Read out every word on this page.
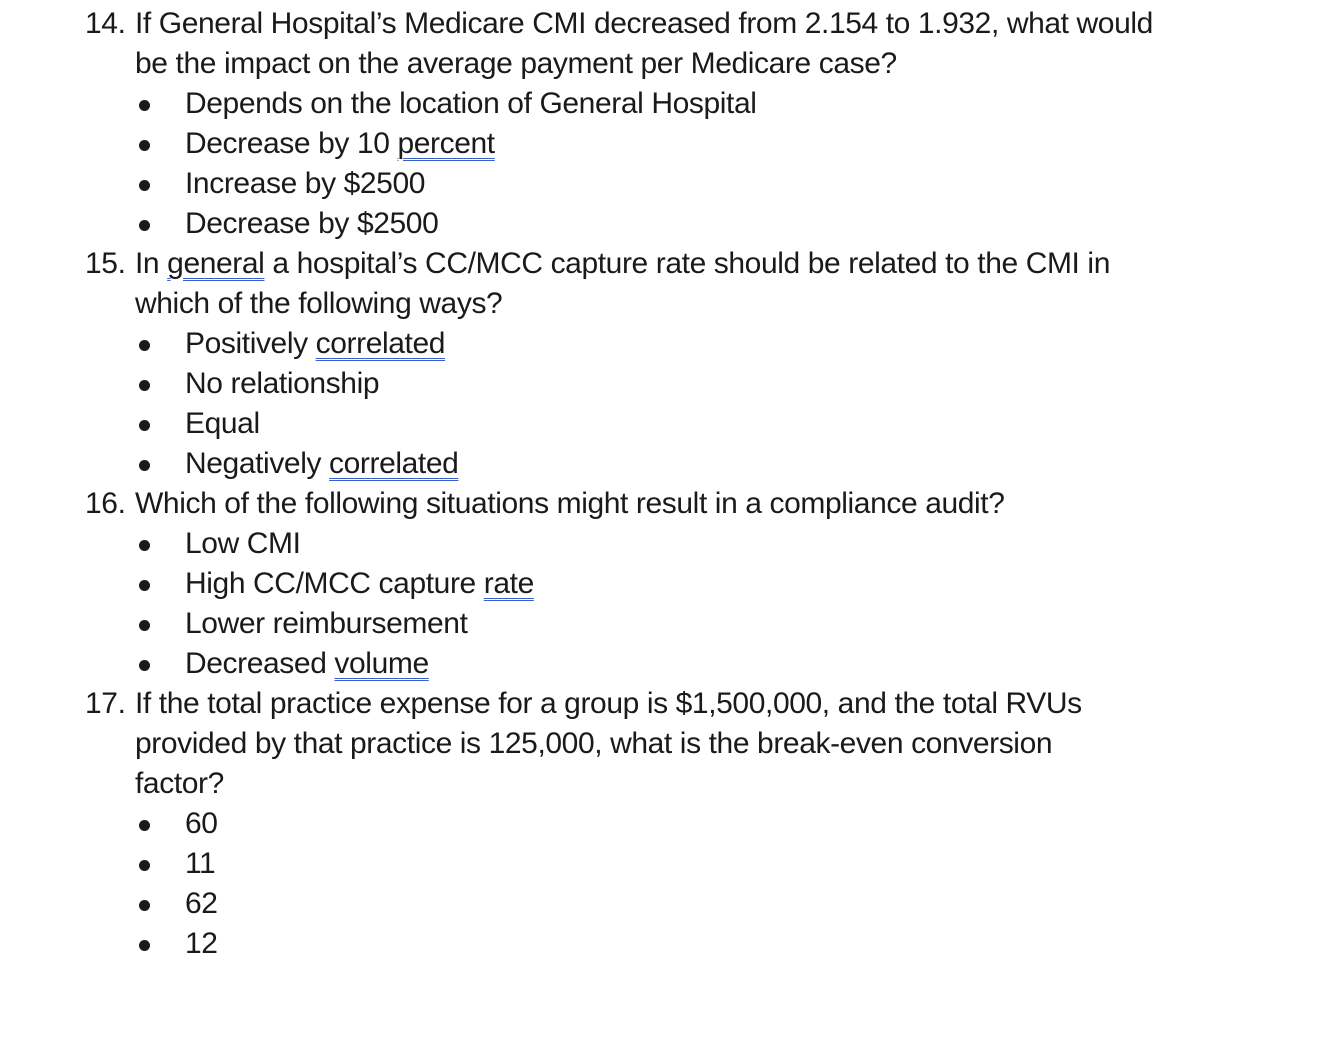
14. If General Hospital’s Medicare CMI decreased from 2.154 to 1.932, what would
be the impact on the average payment per Medicare case?
Depends on the location of General Hospital
Decrease by 10 percent
Increase by $2500
Decrease by $2500
15. In general a hospital’s CC/MCC capture rate should be related to the CMI in
which of the following ways?
Positively correlated
No relationship
Equal
Negatively correlated
16. Which of the following situations might result in a compliance audit?
Low CMI
High CC/MCC capture rate
Lower reimbursement
Decreased volume
17. If the total practice expense for a group is $1,500,000, and the total RVUs
provided by that practice is 125,000, what is the break-even conversion
factor?
60
11
62
12
